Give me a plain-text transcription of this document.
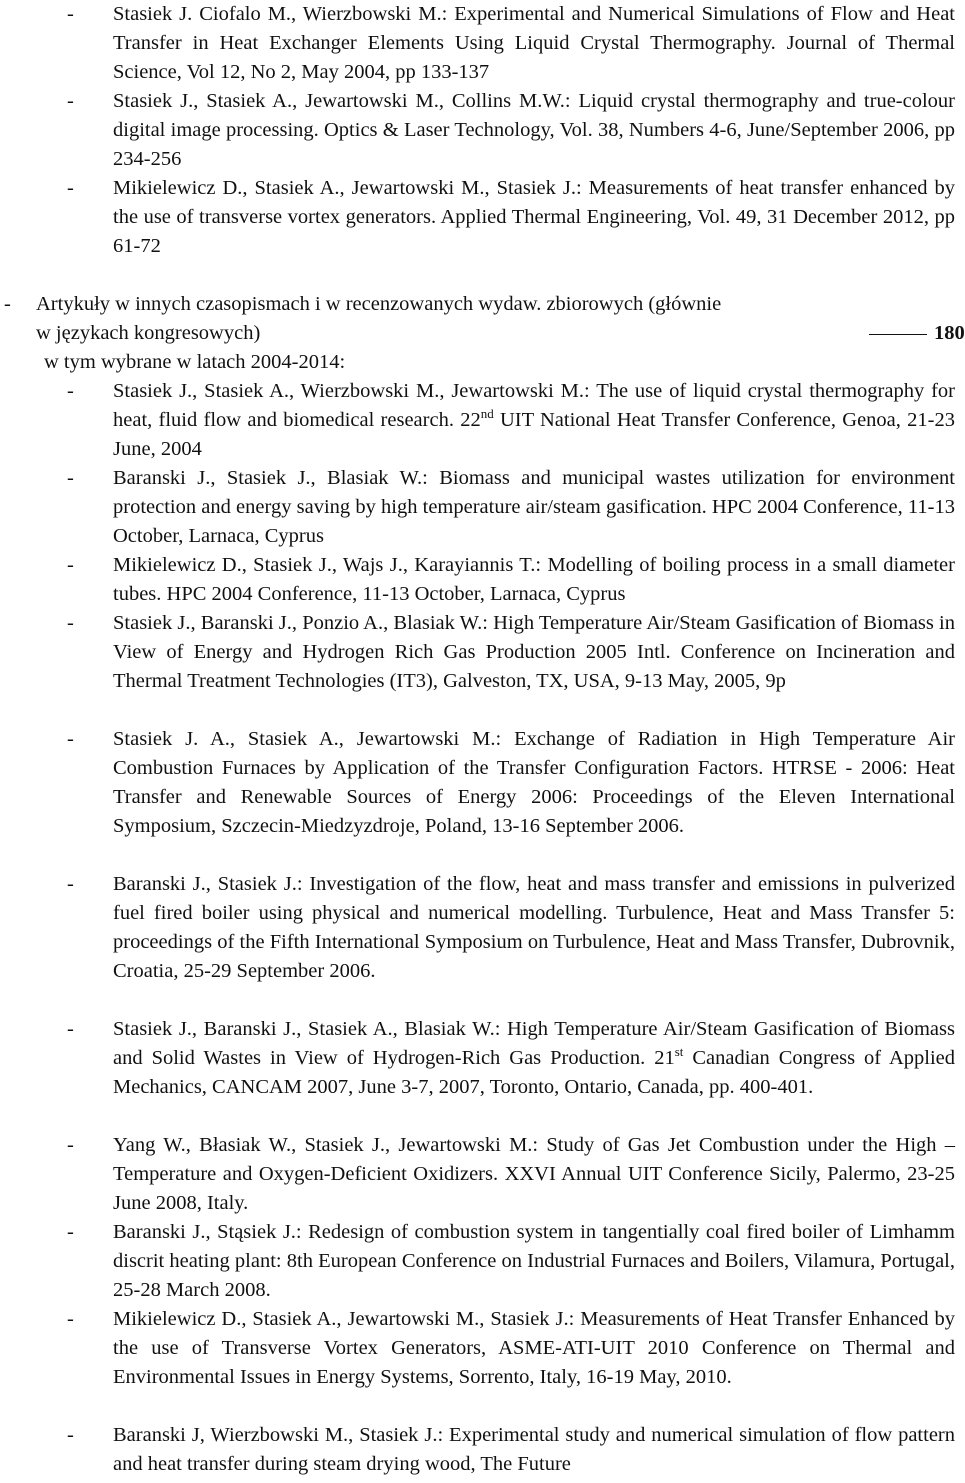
-	Stasiek J. Ciofalo M., Wierzbowski M.: Experimental and Numerical Simulations of Flow and Heat Transfer in Heat Exchanger Elements Using Liquid Crystal Thermography. Journal of Thermal Science, Vol 12, No 2, May 2004, pp 133-137
-	Stasiek J., Stasiek A., Jewartowski M., Collins M.W.: Liquid crystal thermography and true-colour digital image processing. Optics & Laser Technology, Vol. 38, Numbers 4-6, June/September 2006, pp 234-256
-	Mikielewicz D., Stasiek A., Jewartowski M., Stasiek J.: Measurements of heat transfer enhanced by the use of transverse vortex generators. Applied Thermal Engineering, Vol. 49, 31 December 2012, pp 61-72
- Artykuły w innych czasopismach i w recenzowanych wydaw. zbiorowych (głównie
w językach kongresowych)	180
w tym wybrane w latach 2004-2014:
-	Stasiek J., Stasiek A., Wierzbowski M., Jewartowski M.: The use of liquid crystal thermography for heat, fluid flow and biomedical research. 22nd UIT National Heat Transfer Conference, Genoa, 21-23 June, 2004
-	Baranski J., Stasiek J., Blasiak W.: Biomass and municipal wastes utilization for environment protection and energy saving by high temperature air/steam gasification. HPC 2004 Conference, 11-13 October, Larnaca, Cyprus
-	Mikielewicz D., Stasiek J., Wajs J., Karayiannis T.: Modelling of boiling process in a small diameter tubes. HPC 2004 Conference, 11-13 October, Larnaca, Cyprus
-	Stasiek J., Baranski J., Ponzio A., Blasiak W.: High Temperature Air/Steam Gasification of Biomass in View of Energy and Hydrogen Rich Gas Production 2005 Intl. Conference on Incineration and Thermal Treatment Technologies (IT3), Galveston, TX, USA, 9-13 May, 2005, 9p
-	Stasiek J. A., Stasiek A., Jewartowski M.: Exchange of Radiation in High Temperature Air Combustion Furnaces by Application of the Transfer Configuration Factors. HTRSE - 2006: Heat Transfer and Renewable Sources of Energy 2006: Proceedings of the Eleven International Symposium, Szczecin-Miedzyzdroje, Poland, 13-16 September 2006.
-	Baranski J., Stasiek J.: Investigation of the flow, heat and mass transfer and emissions in pulverized fuel fired boiler using physical and numerical modelling. Turbulence, Heat and Mass Transfer 5: proceedings of the Fifth International Symposium on Turbulence, Heat and Mass Transfer, Dubrovnik, Croatia, 25-29 September 2006.
-	Stasiek J., Baranski J., Stasiek A., Blasiak W.: High Temperature Air/Steam Gasification of Biomass and Solid Wastes in View of Hydrogen-Rich Gas Production. 21st Canadian Congress of Applied Mechanics, CANCAM 2007, June 3-7, 2007, Toronto, Ontario, Canada, pp. 400-401.
-	Yang W., Błasiak W., Stasiek J., Jewartowski M.: Study of Gas Jet Combustion under the High – Temperature and Oxygen-Deficient Oxidizers. XXVI Annual UIT Conference Sicily, Palermo, 23-25 June 2008, Italy.
-	Baranski J., Stąsiek J.: Redesign of combustion system in tangentially coal fired boiler of Limhamm discrit heating plant: 8th European Conference on Industrial Furnaces and Boilers, Vilamura, Portugal, 25-28 March 2008.
-	Mikielewicz D., Stasiek A., Jewartowski M., Stasiek J.: Measurements of Heat Transfer Enhanced by the use of Transverse Vortex Generators, ASME-ATI-UIT 2010 Conference on Thermal and Environmental Issues in Energy Systems, Sorrento, Italy, 16-19 May, 2010.
-	Baranski J, Wierzbowski M., Stasiek J.: Experimental study and numerical simulation of flow pattern and heat transfer during steam drying wood, The Future
